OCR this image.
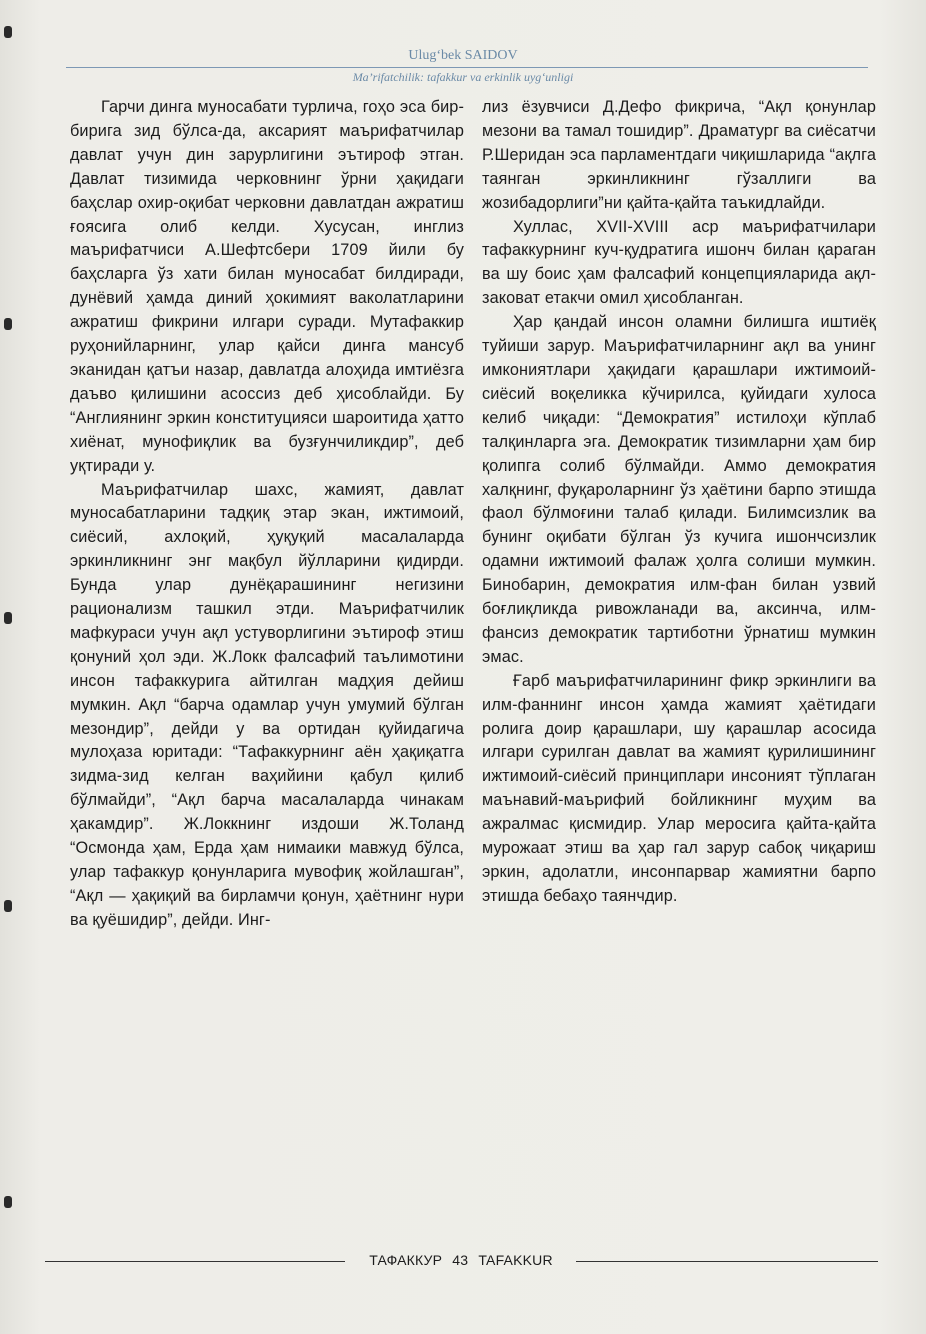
Ulug‘bek SAIDOV
Ma’rifatchilik: tafakkur va erkinlik uyg‘unligi

Гарчи динга муносабати турлича, гоҳо эса бир-бирига зид бўлса-да, аксарият маърифатчилар давлат учун дин зарурлигини эътироф этган. Давлат тизимида черковнинг ўрни ҳақидаги баҳслар охир-оқибат черковни давлатдан ажратиш ғоясига олиб келди. Хусусан, инглиз маърифатчиси А.Шефтсбери 1709 йили бу баҳсларга ўз хати билан муносабат билдиради, дунёвий ҳамда диний ҳокимият ваколатларини ажратиш фикрини илгари суради. Мутафаккир руҳонийларнинг, улар қайси динга мансуб эканидан қатъи назар, давлатда алоҳида имтиёзга даъво қилишини асоссиз деб ҳисоблайди. Бу “Англиянинг эркин конституцияси шароитида ҳатто хиёнат, мунофиқлик ва бузғунчиликдир”, деб уқтиради у.

Маърифатчилар шахс, жамият, давлат муносабатларини тадқиқ этар экан, ижтимоий, сиёсий, ахлоқий, ҳуқуқий масалаларда эркинликнинг энг мақбул йўлларини қидирди. Бунда улар дунёқарашининг негизини рационализм ташкил этди. Маърифатчилик мафкураси учун ақл устуворлигини эътироф этиш қонуний ҳол эди. Ж.Локк фалсафий таълимотини инсон тафаккурига айтилган мадҳия дейиш мумкин. Ақл “барча одамлар учун умумий бўлган мезондир”, дейди у ва ортидан қуйидагича мулоҳаза юритади: “Тафаккурнинг аён ҳақиқатга зидма-зид келган ваҳийини қабул қилиб бўлмайди”, “Ақл барча масалаларда чинакам ҳакамдир”. Ж.Локкнинг издоши Ж.Толанд “Осмонда ҳам, Ерда ҳам нимаики мавжуд бўлса, улар тафаккур қонунларига мувофиқ жойлашган”, “Ақл — ҳақиқий ва бирламчи қонун, ҳаётнинг нури ва қуёшидир”, дейди. Инг-

лиз ёзувчиси Д.Дефо фикрича, “Ақл қонунлар мезони ва тамал тошидир”. Драматург ва сиёсатчи Р.Шеридан эса парламентдаги чиқишларида “ақлга таянган эркинликнинг гўзаллиги ва жозибадорлиги”ни қайта-қайта таъкидлайди.

Хуллас, XVII-XVIII аср маърифатчилари тафаккурнинг куч-қудратига ишонч билан қараган ва шу боис ҳам фалсафий концепцияларида ақл-заковат етакчи омил ҳисобланган.

Ҳар қандай инсон оламни билишга иштиёқ туйиши зарур. Маърифатчиларнинг ақл ва унинг имкониятлари ҳақидаги қарашлари ижтимоий-сиёсий воқеликка кўчирилса, қуйидаги хулоса келиб чиқади: “Демократия” истилоҳи кўплаб талқинларга эга. Демократик тизимларни ҳам бир қолипга солиб бўлмайди. Аммо демократия халқнинг, фуқароларнинг ўз ҳаётини барпо этишда фаол бўлмоғини талаб қилади. Билимсизлик ва бунинг оқибати бўлган ўз кучига ишончсизлик одамни ижтимоий фалаж ҳолга солиши мумкин. Бинобарин, демократия илм-фан билан узвий боғлиқликда ривожланади ва, аксинча, илм-фансиз демократик тартиботни ўрнатиш мумкин эмас.

Ғарб маърифатчиларининг фикр эркинлиги ва илм-фаннинг инсон ҳамда жамият ҳаётидаги ролига доир қарашлари, шу қарашлар асосида илгари сурилган давлат ва жамият қурилишининг ижтимоий-сиёсий принциплари инсоният тўплаган маънавий-маърифий бойликнинг муҳим ва ажралмас қисмидир. Улар меросига қайта-қайта мурожаат этиш ва ҳар гал зарур сабоқ чиқариш эркин, адолатли, инсонпарвар жамиятни барпо этишда бебаҳо таянчдир.

ТАФАККУР 43 TAFAKKUR
